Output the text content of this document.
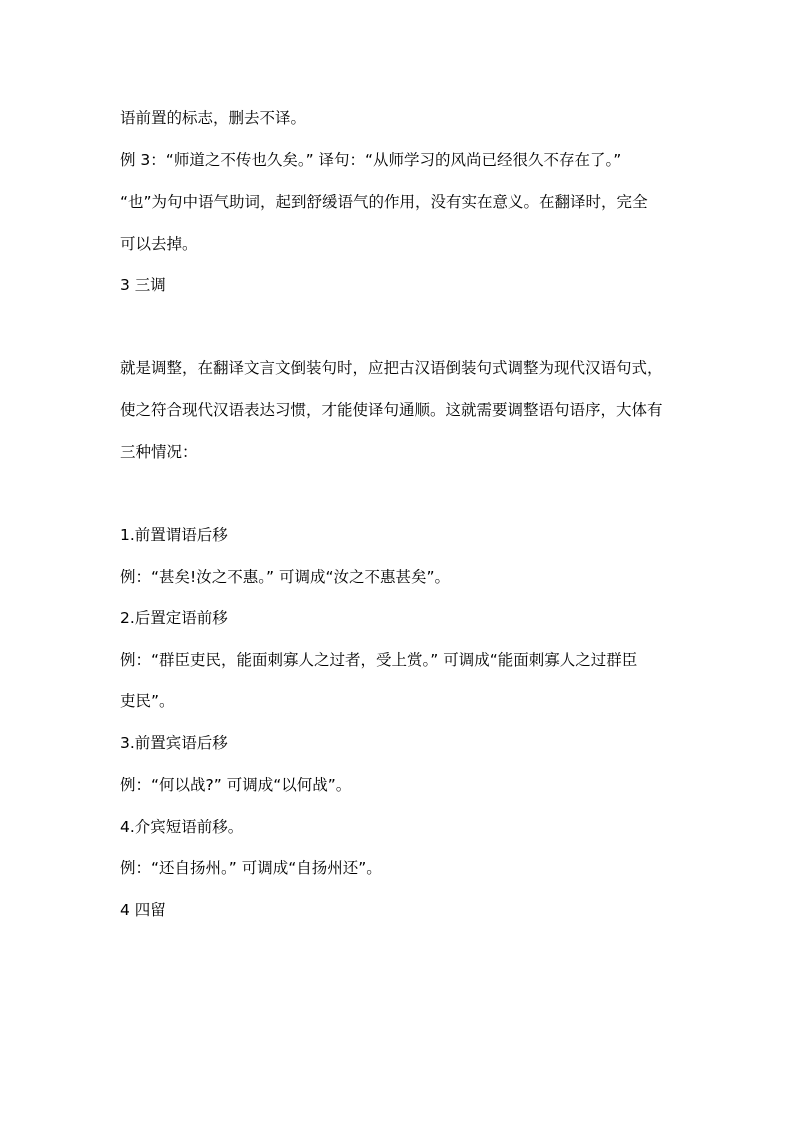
语前置的标志，删去不译。
例 3：“师道之不传也久矣。” 译句：“从师学习的风尚已经很久不存在了。”
“也”为句中语气助词，起到舒缓语气的作用，没有实在意义。在翻译时，完全
可以去掉。
3 三调
就是调整，在翻译文言文倒装句时，应把古汉语倒装句式调整为现代汉语句式，
使之符合现代汉语表达习惯，才能使译句通顺。这就需要调整语句语序，大体有
三种情况：
1.前置谓语后移
例：“甚矣!汝之不惠。” 可调成“汝之不惠甚矣”。
2.后置定语前移
例：“群臣吏民，能面刺寡人之过者，受上赏。” 可调成“能面刺寡人之过群臣
吏民”。
3.前置宾语后移
例：“何以战?” 可调成“以何战”。
4.介宾短语前移。
例：“还自扬州。” 可调成“自扬州还”。
4 四留
